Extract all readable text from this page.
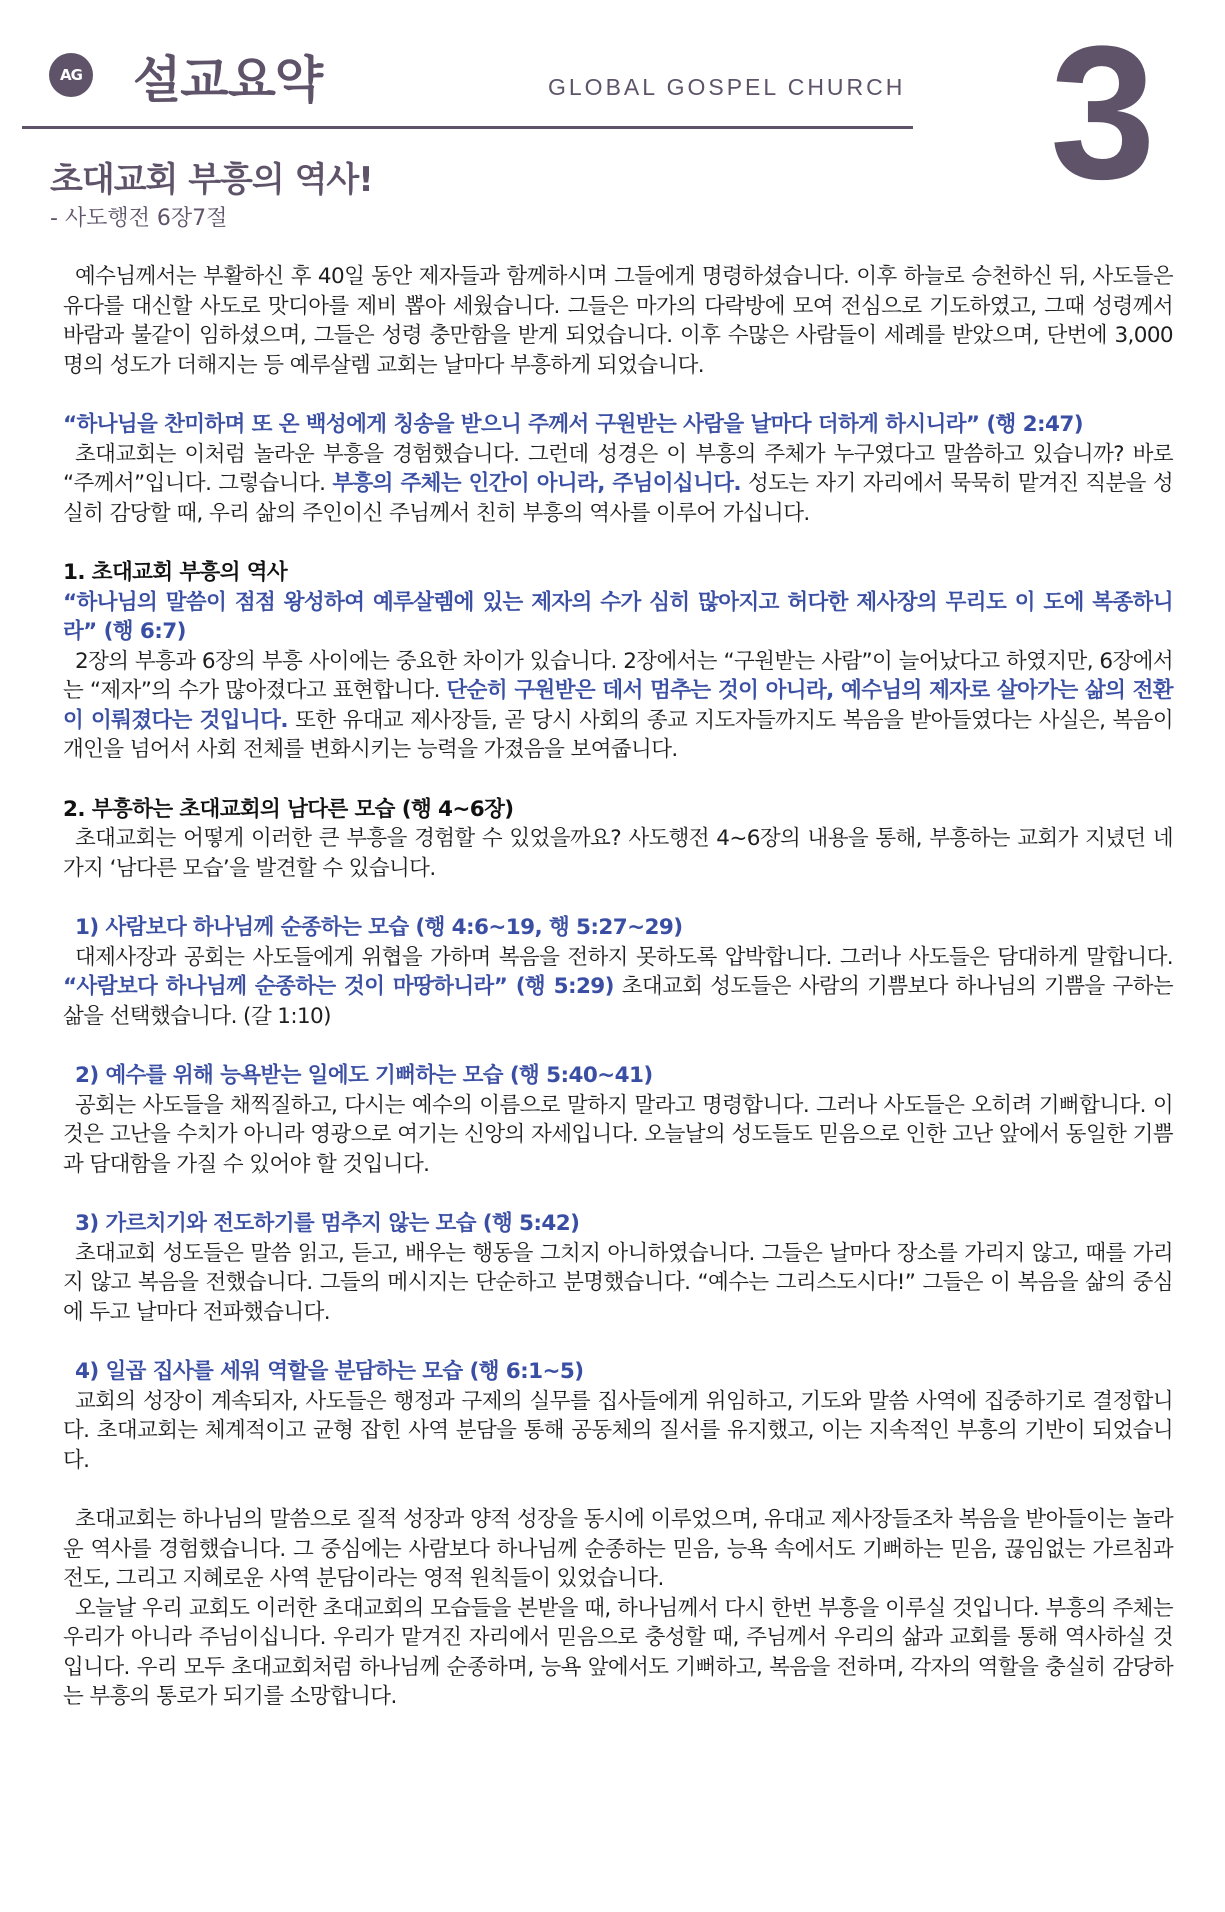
AG 설교요약	GLOBAL GOSPEL CHURCH 3
초대교회 부흥의 역사!
- 사도행전 6장7절

예수님께서는 부활하신 후 40일 동안 제자들과 함께하시며 그들에게 명령하셨습니다. 이후 하늘로 승천하신 뒤, 사도들은 유다를 대신할 사도로 맛디아를 제비 뽑아 세웠습니다. 그들은 마가의 다락방에 모여 전심으로 기도하였고, 그때 성령께서 바람과 불같이 임하셨으며, 그들은 성령 충만함을 받게 되었습니다. 이후 수많은 사람들이 세례를 받았으며, 단번에 3,000명의 성도가 더해지는 등 예루살렘 교회는 날마다 부흥하게 되었습니다.

“하나님을 찬미하며 또 온 백성에게 칭송을 받으니 주께서 구원받는 사람을 날마다 더하게 하시니라” (행 2:47)

초대교회는 이처럼 놀라운 부흥을 경험했습니다. 그런데 성경은 이 부흥의 주체가 누구였다고 말씀하고 있습니까? 바로 “주께서”입니다. 그렇습니다. 부흥의 주체는 인간이 아니라, 주님이십니다. 성도는 자기 자리에서 묵묵히 맡겨진 직분을 성실히 감당할 때, 우리 삶의 주인이신 주님께서 친히 부흥의 역사를 이루어 가십니다.

1. 초대교회 부흥의 역사

“하나님의 말씀이 점점 왕성하여 예루살렘에 있는 제자의 수가 심히 많아지고 허다한 제사장의 무리도 이 도에 복종하니라” (행 6:7)

2장의 부흥과 6장의 부흥 사이에는 중요한 차이가 있습니다. 2장에서는 “구원받는 사람”이 늘어났다고 하였지만, 6장에서는 “제자”의 수가 많아졌다고 표현합니다. 단순히 구원받은 데서 멈추는 것이 아니라, 예수님의 제자로 살아가는 삶의 전환이 이뤄졌다는 것입니다. 또한 유대교 제사장들, 곧 당시 사회의 종교 지도자들까지도 복음을 받아들였다는 사실은, 복음이 개인을 넘어서 사회 전체를 변화시키는 능력을 가졌음을 보여줍니다.

2. 부흥하는 초대교회의 남다른 모습 (행 4~6장)

초대교회는 어떻게 이러한 큰 부흥을 경험할 수 있었을까요? 사도행전 4~6장의 내용을 통해, 부흥하는 교회가 지녔던 네 가지 ‘남다른 모습’을 발견할 수 있습니다.

1) 사람보다 하나님께 순종하는 모습 (행 4:6~19, 행 5:27~29)

대제사장과 공회는 사도들에게 위협을 가하며 복음을 전하지 못하도록 압박합니다. 그러나 사도들은 담대하게 말합니다. “사람보다 하나님께 순종하는 것이 마땅하니라” (행 5:29) 초대교회 성도들은 사람의 기쁨보다 하나님의 기쁨을 구하는 삶을 선택했습니다. (갈 1:10)

2) 예수를 위해 능욕받는 일에도 기뻐하는 모습 (행 5:40~41)

공회는 사도들을 채찍질하고, 다시는 예수의 이름으로 말하지 말라고 명령합니다. 그러나 사도들은 오히려 기뻐합니다. 이것은 고난을 수치가 아니라 영광으로 여기는 신앙의 자세입니다. 오늘날의 성도들도 믿음으로 인한 고난 앞에서 동일한 기쁨과 담대함을 가질 수 있어야 할 것입니다.

3) 가르치기와 전도하기를 멈추지 않는 모습 (행 5:42)

초대교회 성도들은 말씀 읽고, 듣고, 배우는 행동을 그치지 아니하였습니다. 그들은 날마다 장소를 가리지 않고, 때를 가리지 않고 복음을 전했습니다. 그들의 메시지는 단순하고 분명했습니다. “예수는 그리스도시다!” 그들은 이 복음을 삶의 중심에 두고 날마다 전파했습니다.

4) 일곱 집사를 세워 역할을 분담하는 모습 (행 6:1~5)

교회의 성장이 계속되자, 사도들은 행정과 구제의 실무를 집사들에게 위임하고, 기도와 말씀 사역에 집중하기로 결정합니다. 초대교회는 체계적이고 균형 잡힌 사역 분담을 통해 공동체의 질서를 유지했고, 이는 지속적인 부흥의 기반이 되었습니다.

초대교회는 하나님의 말씀으로 질적 성장과 양적 성장을 동시에 이루었으며, 유대교 제사장들조차 복음을 받아들이는 놀라운 역사를 경험했습니다. 그 중심에는 사람보다 하나님께 순종하는 믿음, 능욕 속에서도 기뻐하는 믿음, 끊임없는 가르침과 전도, 그리고 지혜로운 사역 분담이라는 영적 원칙들이 있었습니다.

오늘날 우리 교회도 이러한 초대교회의 모습들을 본받을 때, 하나님께서 다시 한번 부흥을 이루실 것입니다. 부흥의 주체는 우리가 아니라 주님이십니다. 우리가 맡겨진 자리에서 믿음으로 충성할 때, 주님께서 우리의 삶과 교회를 통해 역사하실 것입니다. 우리 모두 초대교회처럼 하나님께 순종하며, 능욕 앞에서도 기뻐하고, 복음을 전하며, 각자의 역할을 충실히 감당하는 부흥의 통로가 되기를 소망합니다.
